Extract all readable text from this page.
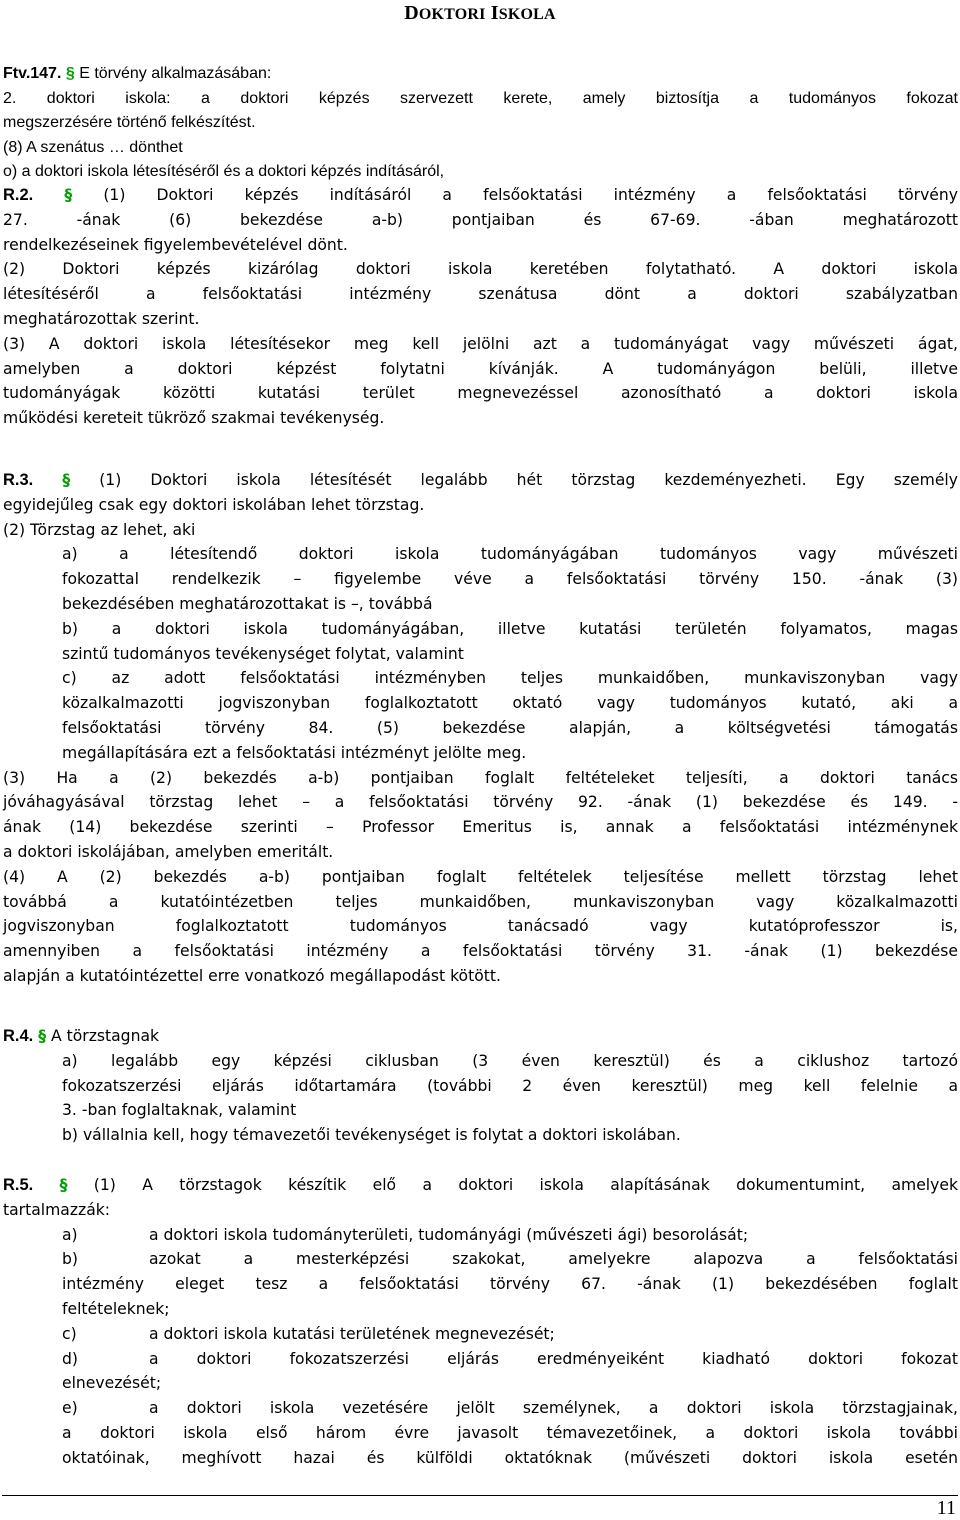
DOKTORI ISKOLA

Ftv.147. § E törvény alkalmazásában:

2. doktori iskola: a doktori képzés szervezett kerete, amely biztosítja a tudományos fokozat

megszerzésére történő felkészítést.

(8) A szenátus … dönthet

o) a doktori iskola létesítéséről és a doktori képzés indításáról,

R.2. § (1) Doktori képzés indításáról a felsőoktatási intézmény a felsőoktatási törvény

27. -ának (6) bekezdése a-b) pontjaiban és 67-69. -ában meghatározott

rendelkezéseinek figyelembevételével dönt.

(2) Doktori képzés kizárólag doktori iskola keretében folytatható. A doktori iskola

létesítéséről a felsőoktatási intézmény szenátusa dönt a doktori szabályzatban

meghatározottak szerint.

(3) A doktori iskola létesítésekor meg kell jelölni azt a tudományágat vagy művészeti ágat,

amelyben a doktori képzést folytatni kívánják. A tudományágon belüli, illetve

tudományágak közötti kutatási terület megnevezéssel azonosítható a doktori iskola

működési kereteit tükröző szakmai tevékenység.

R.3. § (1) Doktori iskola létesítését legalább hét törzstag kezdeményezheti. Egy személy

egyidejűleg csak egy doktori iskolában lehet törzstag.

(2) Törzstag az lehet, aki

a) a létesítendő doktori iskola tudományágában tudományos vagy művészeti

fokozattal rendelkezik – figyelembe véve a felsőoktatási törvény 150. -ának (3)

bekezdésében meghatározottakat is –, továbbá

b) a doktori iskola tudományágában, illetve kutatási területén folyamatos, magas

szintű tudományos tevékenységet folytat, valamint

c) az adott felsőoktatási intézményben teljes munkaidőben, munkaviszonyban vagy

közalkalmazotti jogviszonyban foglalkoztatott oktató vagy tudományos kutató, aki a

felsőoktatási törvény 84. (5) bekezdése alapján, a költségvetési támogatás

megállapítására ezt a felsőoktatási intézményt jelölte meg.

(3) Ha a (2) bekezdés a-b) pontjaiban foglalt feltételeket teljesíti, a doktori tanács

jóváhagyásával törzstag lehet – a felsőoktatási törvény 92. -ának (1) bekezdése és 149. -

ának (14) bekezdése szerinti – Professor Emeritus is, annak a felsőoktatási intézménynek

a doktori iskolájában, amelyben emeritált.

(4) A (2) bekezdés a-b) pontjaiban foglalt feltételek teljesítése mellett törzstag lehet

továbbá a kutatóintézetben teljes munkaidőben, munkaviszonyban vagy közalkalmazotti

jogviszonyban foglalkoztatott tudományos tanácsadó vagy kutatóprofesszor is,

amennyiben a felsőoktatási intézmény a felsőoktatási törvény 31. -ának (1) bekezdése

alapján a kutatóintézettel erre vonatkozó megállapodást kötött.

R.4. § A törzstagnak

a) legalább egy képzési ciklusban (3 éven keresztül) és a ciklushoz tartozó

fokozatszerzési eljárás időtartamára (további 2 éven keresztül) meg kell felelnie a

3. -ban foglaltaknak, valamint

b) vállalnia kell, hogy témavezetői tevékenységet is folytat a doktori iskolában.

R.5. § (1) A törzstagok készítik elő a doktori iskola alapításának dokumentumint, amelyek

tartalmazzák:

a)	a doktori iskola tudományterületi, tudományági (művészeti ági) besorolását;

b)	azokat a mesterképzési szakokat, amelyekre alapozva a felsőoktatási

intézmény eleget tesz a felsőoktatási törvény 67. -ának (1) bekezdésében foglalt

feltételeknek;

c)	a doktori iskola kutatási területének megnevezését;

d)	a doktori fokozatszerzési eljárás eredményeiként kiadható doktori fokozat

elnevezését;

e)	a doktori iskola vezetésére jelölt személynek, a doktori iskola törzstagjainak,

a doktori iskola első három évre javasolt témavezetőinek, a doktori iskola további

oktatóinak, meghívott hazai és külföldi oktatóknak (művészeti doktori iskola esetén

11
